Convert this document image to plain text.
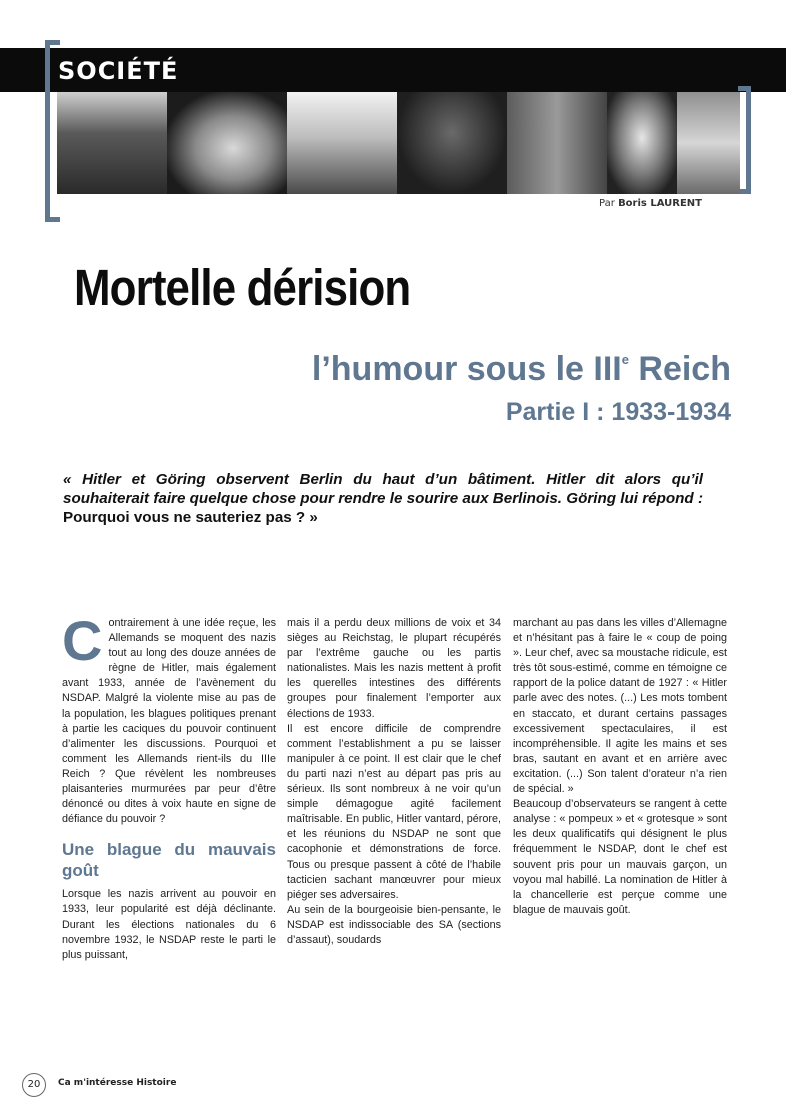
SOCIÉTÉ
Par Boris LAURENT
Mortelle dérision
l’humour sous le IIIe Reich
Partie I : 1933-1934
« Hitler et Göring observent Berlin du haut d’un bâtiment. Hitler dit alors qu’il souhaiterait faire quelque chose pour rendre le sourire aux Berlinois. Göring lui répond : Pourquoi vous ne sauteriez pas ? »
C ontrairement à une idée reçue, les Allemands se moquent des nazis tout au long des douze années de règne de Hitler, mais également avant 1933, année de l’avènement du NSDAP. Malgré la violente mise au pas de la population, les blagues politiques prenant à partie les caciques du pouvoir continuent d’alimenter les discussions. Pourquoi et comment les Allemands rient-ils du IIIe Reich ? Que révèlent les nombreuses plaisanteries murmurées par peur d’être dénoncé ou dites à voix haute en signe de défiance du pouvoir ?

Une blague du mauvais goût

Lorsque les nazis arrivent au pouvoir en 1933, leur popularité est déjà déclinante. Durant les élections nationales du 6 novembre 1932, le NSDAP reste le parti le plus puissant,

mais il a perdu deux millions de voix et 34 sièges au Reichstag, le plupart récupérés par l’extrême gauche ou les partis nationalistes. Mais les nazis mettent à profit les querelles intestines des différents groupes pour finalement l’emporter aux élections de 1933.

Il est encore difficile de comprendre comment l’establishment a pu se laisser manipuler à ce point. Il est clair que le chef du parti nazi n’est au départ pas pris au sérieux. Ils sont nombreux à ne voir qu’un simple démagogue agité facilement maîtrisable. En public, Hitler vantard, pérore, et les réunions du NSDAP ne sont que cacophonie et démonstrations de force. Tous ou presque passent à côté de l’habile tacticien sachant manœuvrer pour mieux piéger ses adversaires.

Au sein de la bourgeoisie bien-pensante, le NSDAP est indissociable des SA (sections d’assaut), soudards

marchant au pas dans les villes d’Allemagne et n’hésitant pas à faire le « coup de poing ». Leur chef, avec sa moustache ridicule, est très tôt sous-estimé, comme en témoigne ce rapport de la police datant de 1927 : « Hitler parle avec des notes. (...) Les mots tombent en staccato, et durant certains passages excessivement spectaculaires, il est incompréhensible. Il agite les mains et ses bras, sautant en avant et en arrière avec excitation. (...) Son talent d’orateur n’a rien de spécial. »

Beaucoup d’observateurs se rangent à cette analyse : « pompeux » et « grotesque » sont les deux qualificatifs qui désignent le plus fréquemment le NSDAP, dont le chef est souvent pris pour un mauvais garçon, un voyou mal habillé. La nomination de Hitler à la chancellerie est perçue comme une blague de mauvais goût.

20	Ca m'intéresse Histoire
